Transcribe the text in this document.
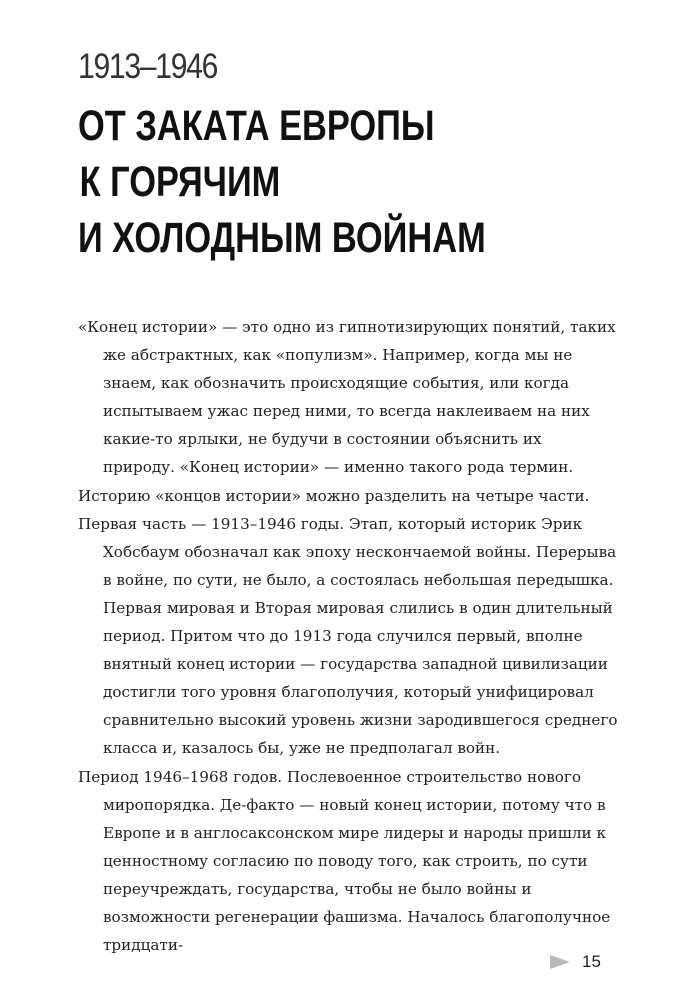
1913–1946
ОТ ЗАКАТА ЕВРОПЫ
К ГОРЯЧИМ
И ХОЛОДНЫМ ВОЙНАМ

«Конец истории» — это одно из гипнотизирующих понятий, таких же абстрактных, как «популизм». Например, когда мы не знаем, как обозначить происходящие события, или когда испытываем ужас перед ними, то всегда наклеиваем на них какие-то ярлыки, не будучи в состоянии объяснить их природу. «Конец истории» — именно такого рода термин.

Историю «концов истории» можно разделить на четыре части.

Первая часть — 1913–1946 годы. Этап, который историк Эрик Хобсбаум обозначал как эпоху нескончаемой войны. Перерыва в войне, по сути, не было, а состоялась небольшая передышка. Первая мировая и Вторая мировая слились в один длительный период. Притом что до 1913 года случился первый, вполне внятный конец истории — государства западной цивилизации достигли того уровня благополучия, который унифицировал сравнительно высокий уровень жизни зародившегося среднего класса и, казалось бы, уже не предполагал войн.

Период 1946–1968 годов. Послевоенное строительство нового миропорядка. Де-факто — новый конец истории, потому что в Европе и в англосаксонском мире лидеры и народы пришли к ценностному согласию по поводу того, как строить, по сути переучреждать, государства, чтобы не было войны и возможности регенерации фашизма. Началось благополучное тридцати-

15
